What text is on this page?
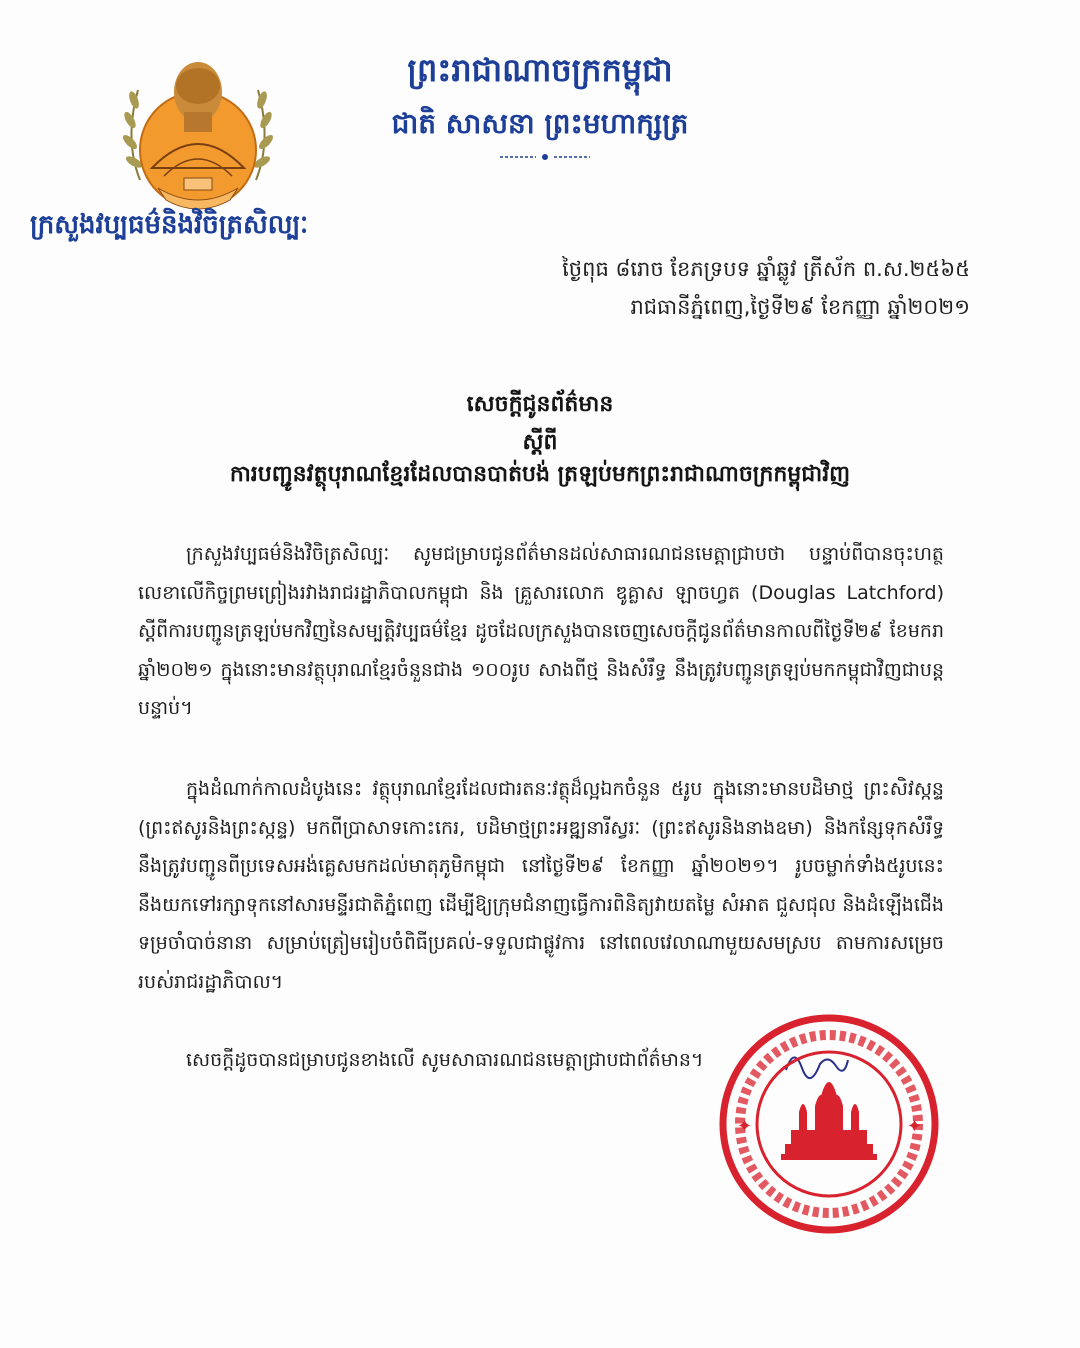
ក្រសួងវប្បធម៌និងវិចិត្រសិល្បៈ
ព្រះរាជាណាចក្រកម្ពុជា
ជាតិ សាសនា ព្រះមហាក្សត្រ
ថ្ងៃពុធ ៨រោច ខែភទ្របទ ឆ្នាំឆ្លូវ ត្រីស័ក ព.ស.២៥៦៥
រាជធានីភ្នំពេញ,ថ្ងៃទី២៩ ខែកញ្ញា ឆ្នាំ២០២១
សេចក្តីជូនព័ត៌មាន
ស្តីពី
ការបញ្ជូនវត្ថុបុរាណខ្មែរដែលបានបាត់បង់ ត្រឡប់មកព្រះរាជាណាចក្រកម្ពុជាវិញ

ក្រសួងវប្បធម៌និងវិចិត្រសិល្បៈ សូមជម្រាបជូនព័ត៌មានដល់សាធារណជនមេត្តាជ្រាបថា បន្ទាប់ពីបានចុះហត្ថលេខាលើកិច្ចព្រមព្រៀងរវាងរាជរដ្ឋាភិបាលកម្ពុជា និង គ្រួសារលោក ឌូគ្លាស ឡាចហ្វត (Douglas Latchford) ស្តីពីការបញ្ជូនត្រឡប់មកវិញនៃសម្បត្តិវប្បធម៌ខ្មែរ ដូចដែលក្រសួងបានចេញសេចក្តីជូនព័ត៌មានកាលពីថ្ងៃទី២៩ ខែមករា ឆ្នាំ២០២១ ក្នុងនោះមានវត្ថុបុរាណខ្មែរចំនួនជាង ១០០រូប សាងពីថ្ម និងសំរឹទ្ធ នឹងត្រូវបញ្ជូនត្រឡប់មកកម្ពុជាវិញជាបន្តបន្ទាប់។

ក្នុងដំណាក់កាលដំបូងនេះ វត្ថុបុរាណខ្មែរដែលជារតនៈវត្ថុដ៏ល្អឯកចំនួន ៥រូប ក្នុងនោះមានបដិមាថ្ម ព្រះសិវស្កន្ទ (ព្រះឥសូរនិងព្រះស្កន្ទ) មកពីប្រាសាទកោះកេរ, បដិមាថ្មព្រះអឌ្ឍនារីស្វរៈ (ព្រះឥសូរនិងនាងឧមា) និងកន្សែទុកសំរឹទ្ធ នឹងត្រូវបញ្ជូនពីប្រទេសអង់គ្លេសមកដល់មាតុភូមិកម្ពុជា នៅថ្ងៃទី២៩ ខែកញ្ញា ឆ្នាំ២០២១។ រូបចម្លាក់ទាំង៥រូបនេះ នឹងយកទៅរក្សាទុកនៅសារមន្ទីរជាតិភ្នំពេញ ដើម្បីឱ្យក្រុមជំនាញធ្វើការពិនិត្យវាយតម្លៃ សំអាត ជួសជុល និងដំឡើងជើងទម្រចាំបាច់នានា សម្រាប់ត្រៀមរៀបចំពិធីប្រគល់-ទទួលជាផ្លូវការ នៅពេលវេលាណាមួយសមស្រប តាមការសម្រេចរបស់រាជរដ្ឋាភិបាល។

សេចក្តីដូចបានជម្រាបជូនខាងលើ សូមសាធារណជនមេត្តាជ្រាបជាព័ត៌មាន។

✦	✦
